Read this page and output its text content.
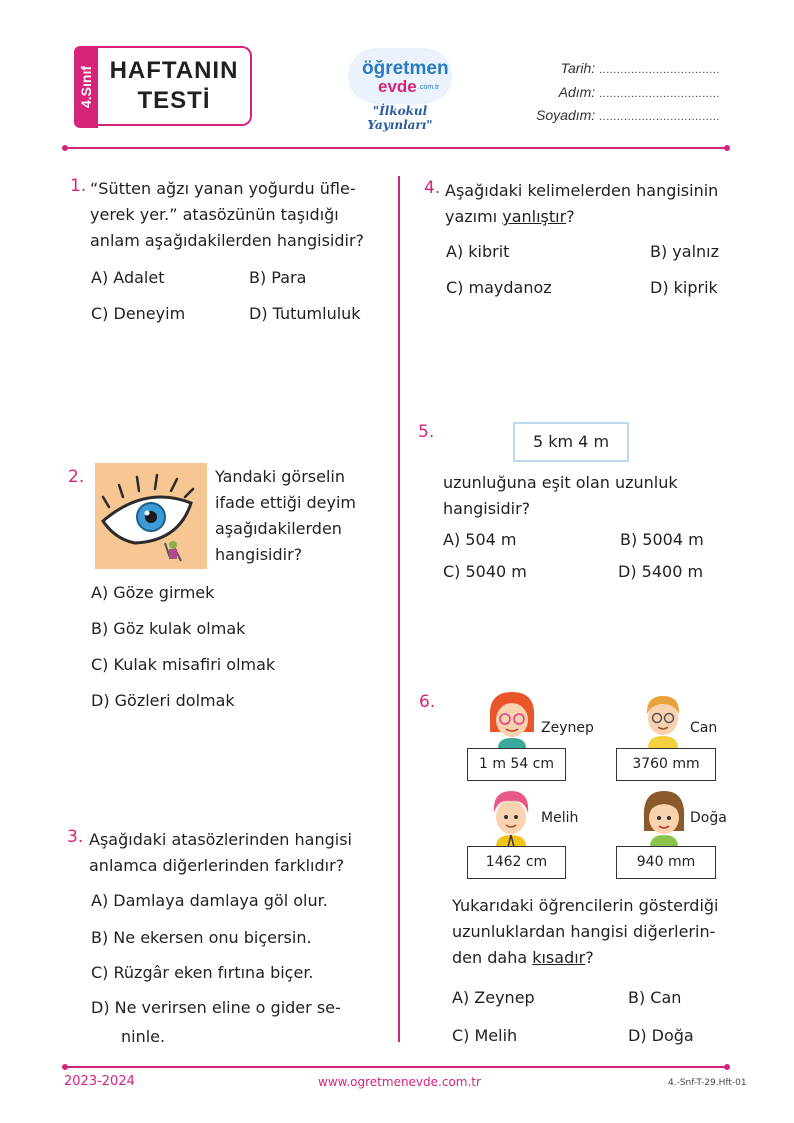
4.Sınıf HAFTANIN
TESTİ
öğretmen
evde .com.tr
"İlkokul Yayınları"
Tarih: ..................................
Adım: ..................................
Soyadım: ..................................
1. “Sütten ağzı yanan yoğurdu üfle-
yerek yer.” atasözünün taşıdığı
anlam aşağıdakilerden hangisidir?
A) Adalet	B) Para
C) Deneyim	D) Tutumluluk
2.	Yandaki görselin
ifade ettiği deyim
aşağıdakilerden
hangisidir?
A) Göze girmek
B) Göz kulak olmak
C) Kulak misafiri olmak
D) Gözleri dolmak
3. Aşağıdaki atasözlerinden hangisi
anlamca diğerlerinden farklıdır?
A) Damlaya damlaya göl olur.
B) Ne ekersen onu biçersin.
C) Rüzgâr eken fırtına biçer.
D) Ne verirsen eline o gider se-
ninle.
4. Aşağıdaki kelimelerden hangisinin
yazımı yanlıştır?
A) kibrit	B) yalnız
C) maydanoz	D) kiprik
5.	5 km 4 m
uzunluğuna eşit olan uzunluk
hangisidir?
A) 504 m	B) 5004 m
C) 5040 m	D) 5400 m
6.
Zeynep
1 m 54 cm
Can
3760 mm
Melih
1462 cm
Doğa
940 mm
Yukarıdaki öğrencilerin gösterdiği
uzunluklardan hangisi diğerlerin-
den daha kısadır?
A) Zeynep	B) Can
C) Melih	D) Doğa
2023-2024	www.ogretmenevde.com.tr	4.-Snf-T-29.Hft-01
